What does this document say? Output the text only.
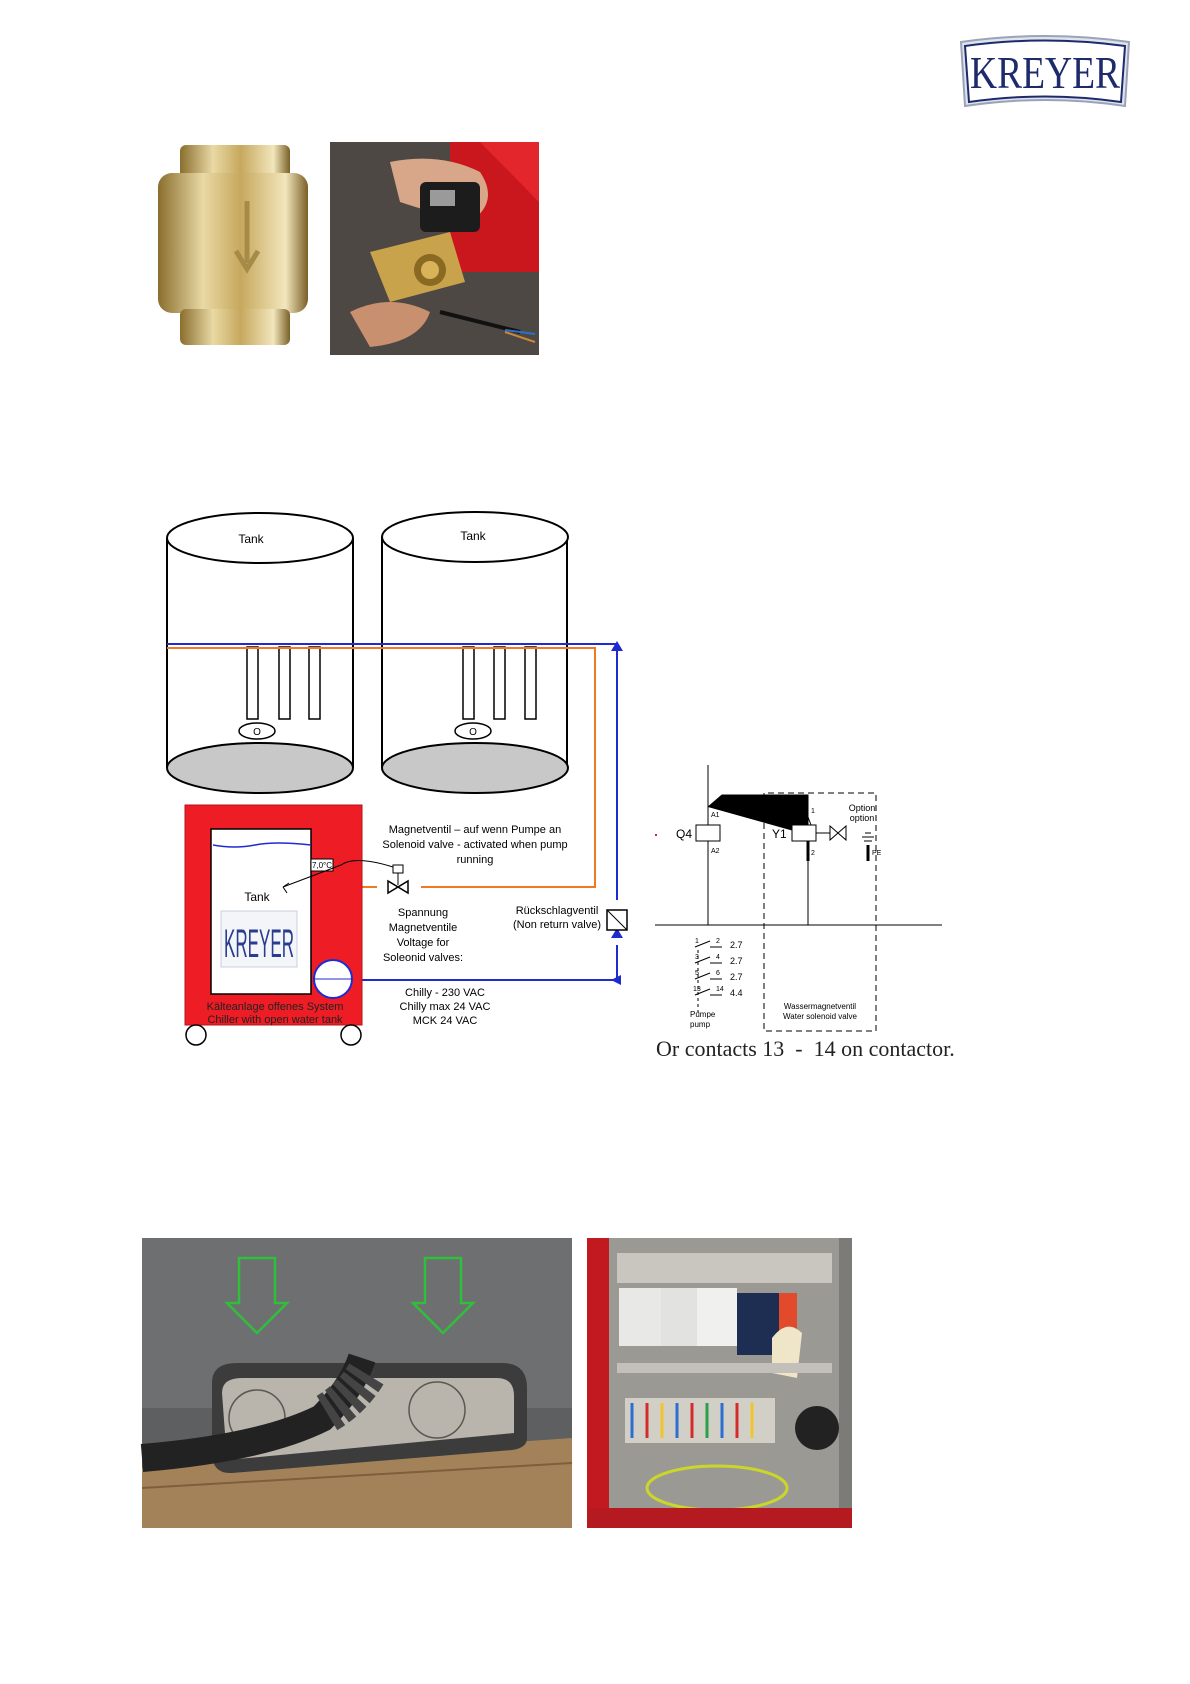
KREYER
Tank
O
Tank
O
Tank
KREYER
7,0°C
Kälteanlage offenes System
Chiller with open water tank
Magnetventil – auf wenn Pumpe an
Solenoid valve - activated when pump
running
Spannung
Magnetventile
Voltage for
Soleonid valves:
Rückschlagventil
(Non return valve)
Chilly - 230 VAC
Chilly max 24 VAC
MCK 24 VAC
Option
option
Q4	Y1
A1
A2
1
2	PE
1 2 2.7
3 4 2.7
5 6 2.7
13 14 4.4
Pumpe
pump
Wassermagnetventil
Water solenoid valve
Or contacts 13  -  14 on contactor.
